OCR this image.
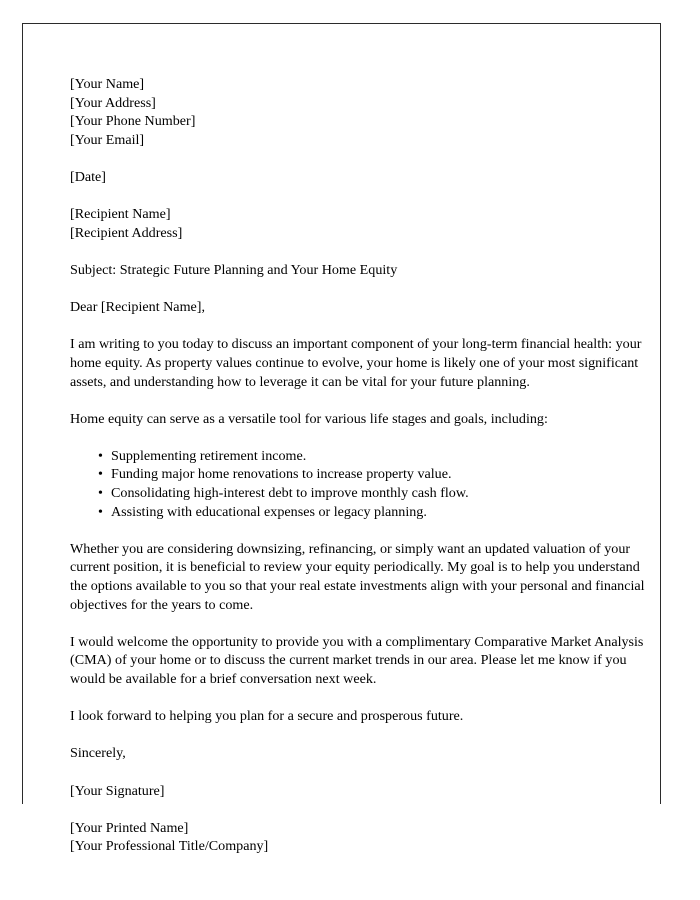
[Your Name]
[Your Address]
[Your Phone Number]
[Your Email]
[Date]
[Recipient Name]
[Recipient Address]

Subject: Strategic Future Planning and Your Home Equity

Dear [Recipient Name],

I am writing to you today to discuss an important component of your long-term financial health: your home equity. As property values continue to evolve, your home is likely one of your most significant assets, and understanding how to leverage it can be vital for your future planning.

Home equity can serve as a versatile tool for various life stages and goals, including:

• Supplementing retirement income.
• Funding major home renovations to increase property value.
• Consolidating high-interest debt to improve monthly cash flow.
• Assisting with educational expenses or legacy planning.

Whether you are considering downsizing, refinancing, or simply want an updated valuation of your current position, it is beneficial to review your equity periodically. My goal is to help you understand the options available to you so that your real estate investments align with your personal and financial objectives for the years to come.

I would welcome the opportunity to provide you with a complimentary Comparative Market Analysis (CMA) of your home or to discuss the current market trends in our area. Please let me know if you would be available for a brief conversation next week.

I look forward to helping you plan for a secure and prosperous future.

Sincerely,

[Your Signature]

[Your Printed Name]
[Your Professional Title/Company]
